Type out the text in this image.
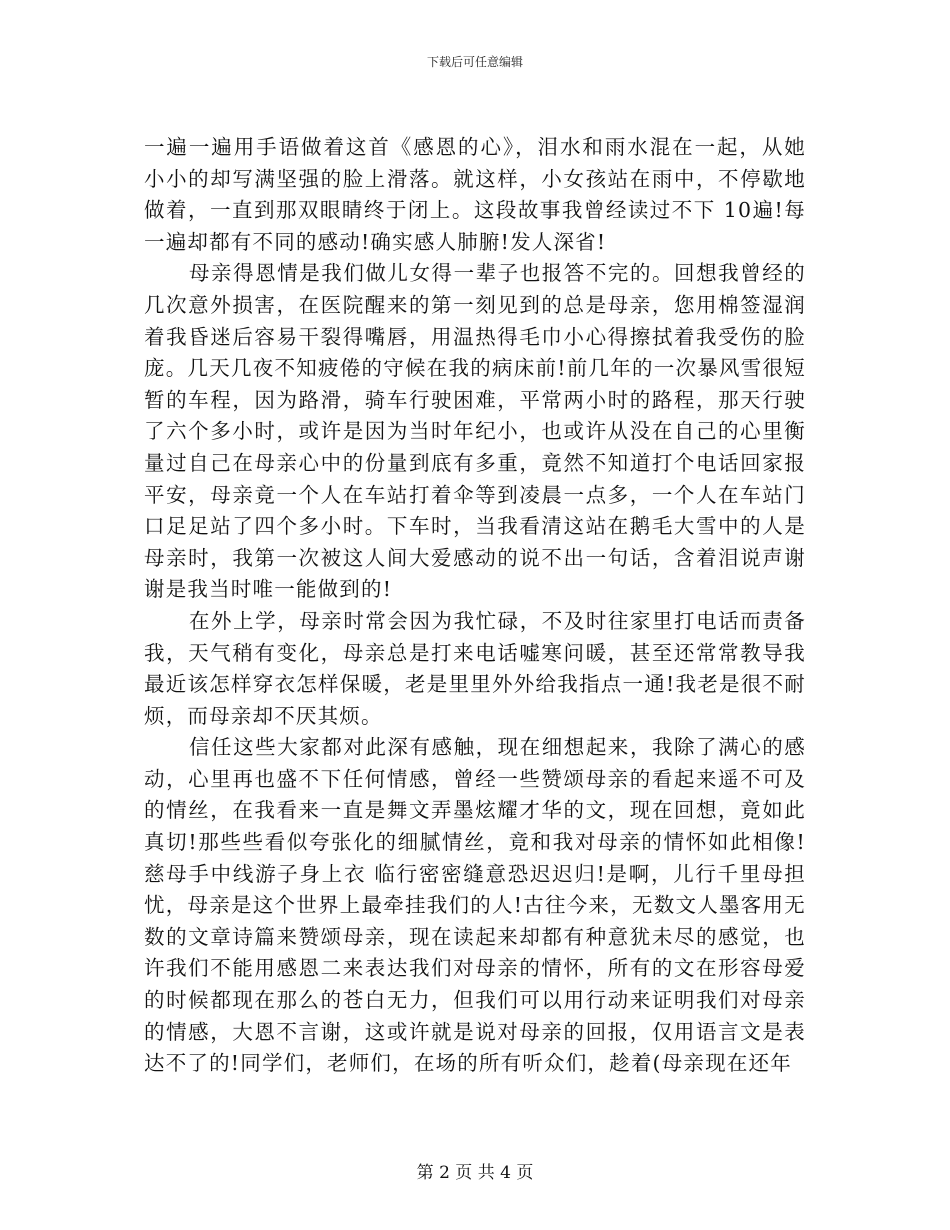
下载后可任意编辑

一遍一遍用手语做着这首《感恩的心》，泪水和雨水混在一起，从她小小的却写满坚强的脸上滑落。就这样，小女孩站在雨中，不停歇地做着，一直到那双眼睛终于闭上。这段故事我曾经读过不下 10遍!每一遍却都有不同的感动!确实感人肺腑!发人深省!

母亲得恩情是我们做儿女得一辈子也报答不完的。回想我曾经的几次意外损害，在医院醒来的第一刻见到的总是母亲，您用棉签湿润着我昏迷后容易干裂得嘴唇，用温热得毛巾小心得擦拭着我受伤的脸庞。几天几夜不知疲倦的守候在我的病床前!前几年的一次暴风雪很短暂的车程，因为路滑，骑车行驶困难，平常两小时的路程，那天行驶了六个多小时，或许是因为当时年纪小，也或许从没在自己的心里衡量过自己在母亲心中的份量到底有多重，竟然不知道打个电话回家报平安，母亲竟一个人在车站打着伞等到凌晨一点多，一个人在车站门口足足站了四个多小时。下车时，当我看清这站在鹅毛大雪中的人是母亲时，我第一次被这人间大爱感动的说不出一句话，含着泪说声谢谢是我当时唯一能做到的!

在外上学，母亲时常会因为我忙碌，不及时往家里打电话而责备我，天气稍有变化，母亲总是打来电话嘘寒问暖，甚至还常常教导我最近该怎样穿衣怎样保暖，老是里里外外给我指点一通!我老是很不耐烦，而母亲却不厌其烦。

信任这些大家都对此深有感触，现在细想起来，我除了满心的感动，心里再也盛不下任何情感，曾经一些赞颂母亲的看起来遥不可及的情丝，在我看来一直是舞文弄墨炫耀才华的文，现在回想，竟如此真切!那些些看似夸张化的细腻情丝，竟和我对母亲的情怀如此相像!慈母手中线游子身上衣 临行密密缝意恐迟迟归!是啊，儿行千里母担忧，母亲是这个世界上最牵挂我们的人!古往今来，无数文人墨客用无数的文章诗篇来赞颂母亲，现在读起来却都有种意犹未尽的感觉，也许我们不能用感恩二来表达我们对母亲的情怀，所有的文在形容母爱的时候都现在那么的苍白无力，但我们可以用行动来证明我们对母亲的情感，大恩不言谢，这或许就是说对母亲的回报，仅用语言文是表达不了的!同学们，老师们，在场的所有听众们，趁着(母亲现在还年

第 2 页 共 4 页
